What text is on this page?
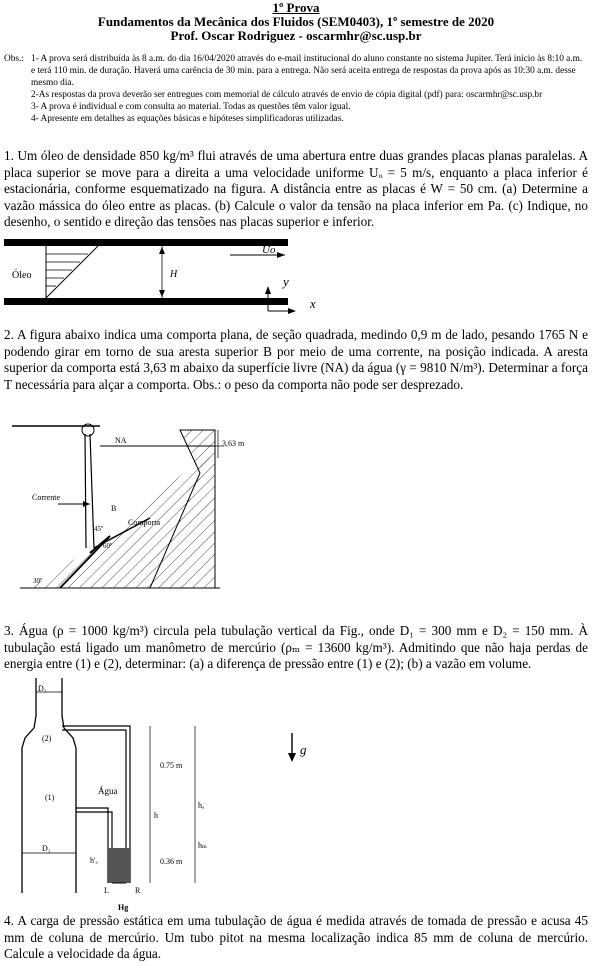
1º Prova
Fundamentos da Mecânica dos Fluidos (SEM0403), 1º semestre de 2020
Prof. Oscar Rodriguez - oscarmhr@sc.usp.br
Obs.: 1- A prova será distribuída às 8 a.m. do dia 16/04/2020 através do e-mail institucional do aluno constante no sistema Jupiter. Terá início às 8:10 a.m. e terá 110 min. de duração. Haverá uma carência de 30 min. para a entrega. Não será aceita entrega de respostas da prova após as 10:30 a.m. desse mesmo dia.
2-As respostas da prova deverão ser entregues com memorial de cálculo através de envio de cópia digital (pdf) para: oscarmhr@sc.usp.br
3- A prova é individual e com consulta ao material. Todas as questões têm valor igual.
4- Apresente em detalhes as equações básicas e hipóteses simplificadoras utilizadas.
1. Um óleo de densidade 850 kg/m³ flui através de uma abertura entre duas grandes placas planas paralelas. A placa superior se move para a direita a uma velocidade uniforme Uₒ = 5 m/s, enquanto a placa inferior é estacionária, conforme esquematizado na figura. A distância entre as placas é W = 50 cm. (a) Determine a vazão mássica do óleo entre as placas. (b) Calcule o valor da tensão na placa inferior em Pa. (c) Indique, no desenho, o sentido e direção das tensões nas placas superior e inferior.
Uo
Óleo	H	y
x
2. A figura abaixo indica uma comporta plana, de seção quadrada, medindo 0,9 m de lado, pesando 1765 N e podendo girar em torno de sua aresta superior B por meio de uma corrente, na posição indicada. A aresta superior da comporta está 3,63 m abaixo da superfície livre (NA) da água (γ = 9810 N/m³). Determinar a força T necessária para alçar a comporta. Obs.: o peso da comporta não pode ser desprezado.
NA
Corrente
B
Comporta
45º
60º
30º
3,63 m
3. Água (ρ = 1000 kg/m³) circula pela tubulação vertical da Fig., onde D₁ = 300 mm e D₂ = 150 mm. À tubulação está ligado um manômetro de mercúrio (ρₘ = 13600 kg/m³). Admitindo que não haja perdas de energia entre (1) e (2), determinar: (a) a diferença de pressão entre (1) e (2); (b) a vazão em volume.
D₂
(2)
(1)
D₁
Água
L	R
Hg
0.75 m
0.36 m
h
hₐ
hₘ
h'ₐ
g
4. A carga de pressão estática em uma tubulação de água é medida através de tomada de pressão e acusa 45 mm de coluna de mercúrio. Um tubo pitot na mesma localização indica 85 mm de coluna de mercúrio. Calcule a velocidade da água.
